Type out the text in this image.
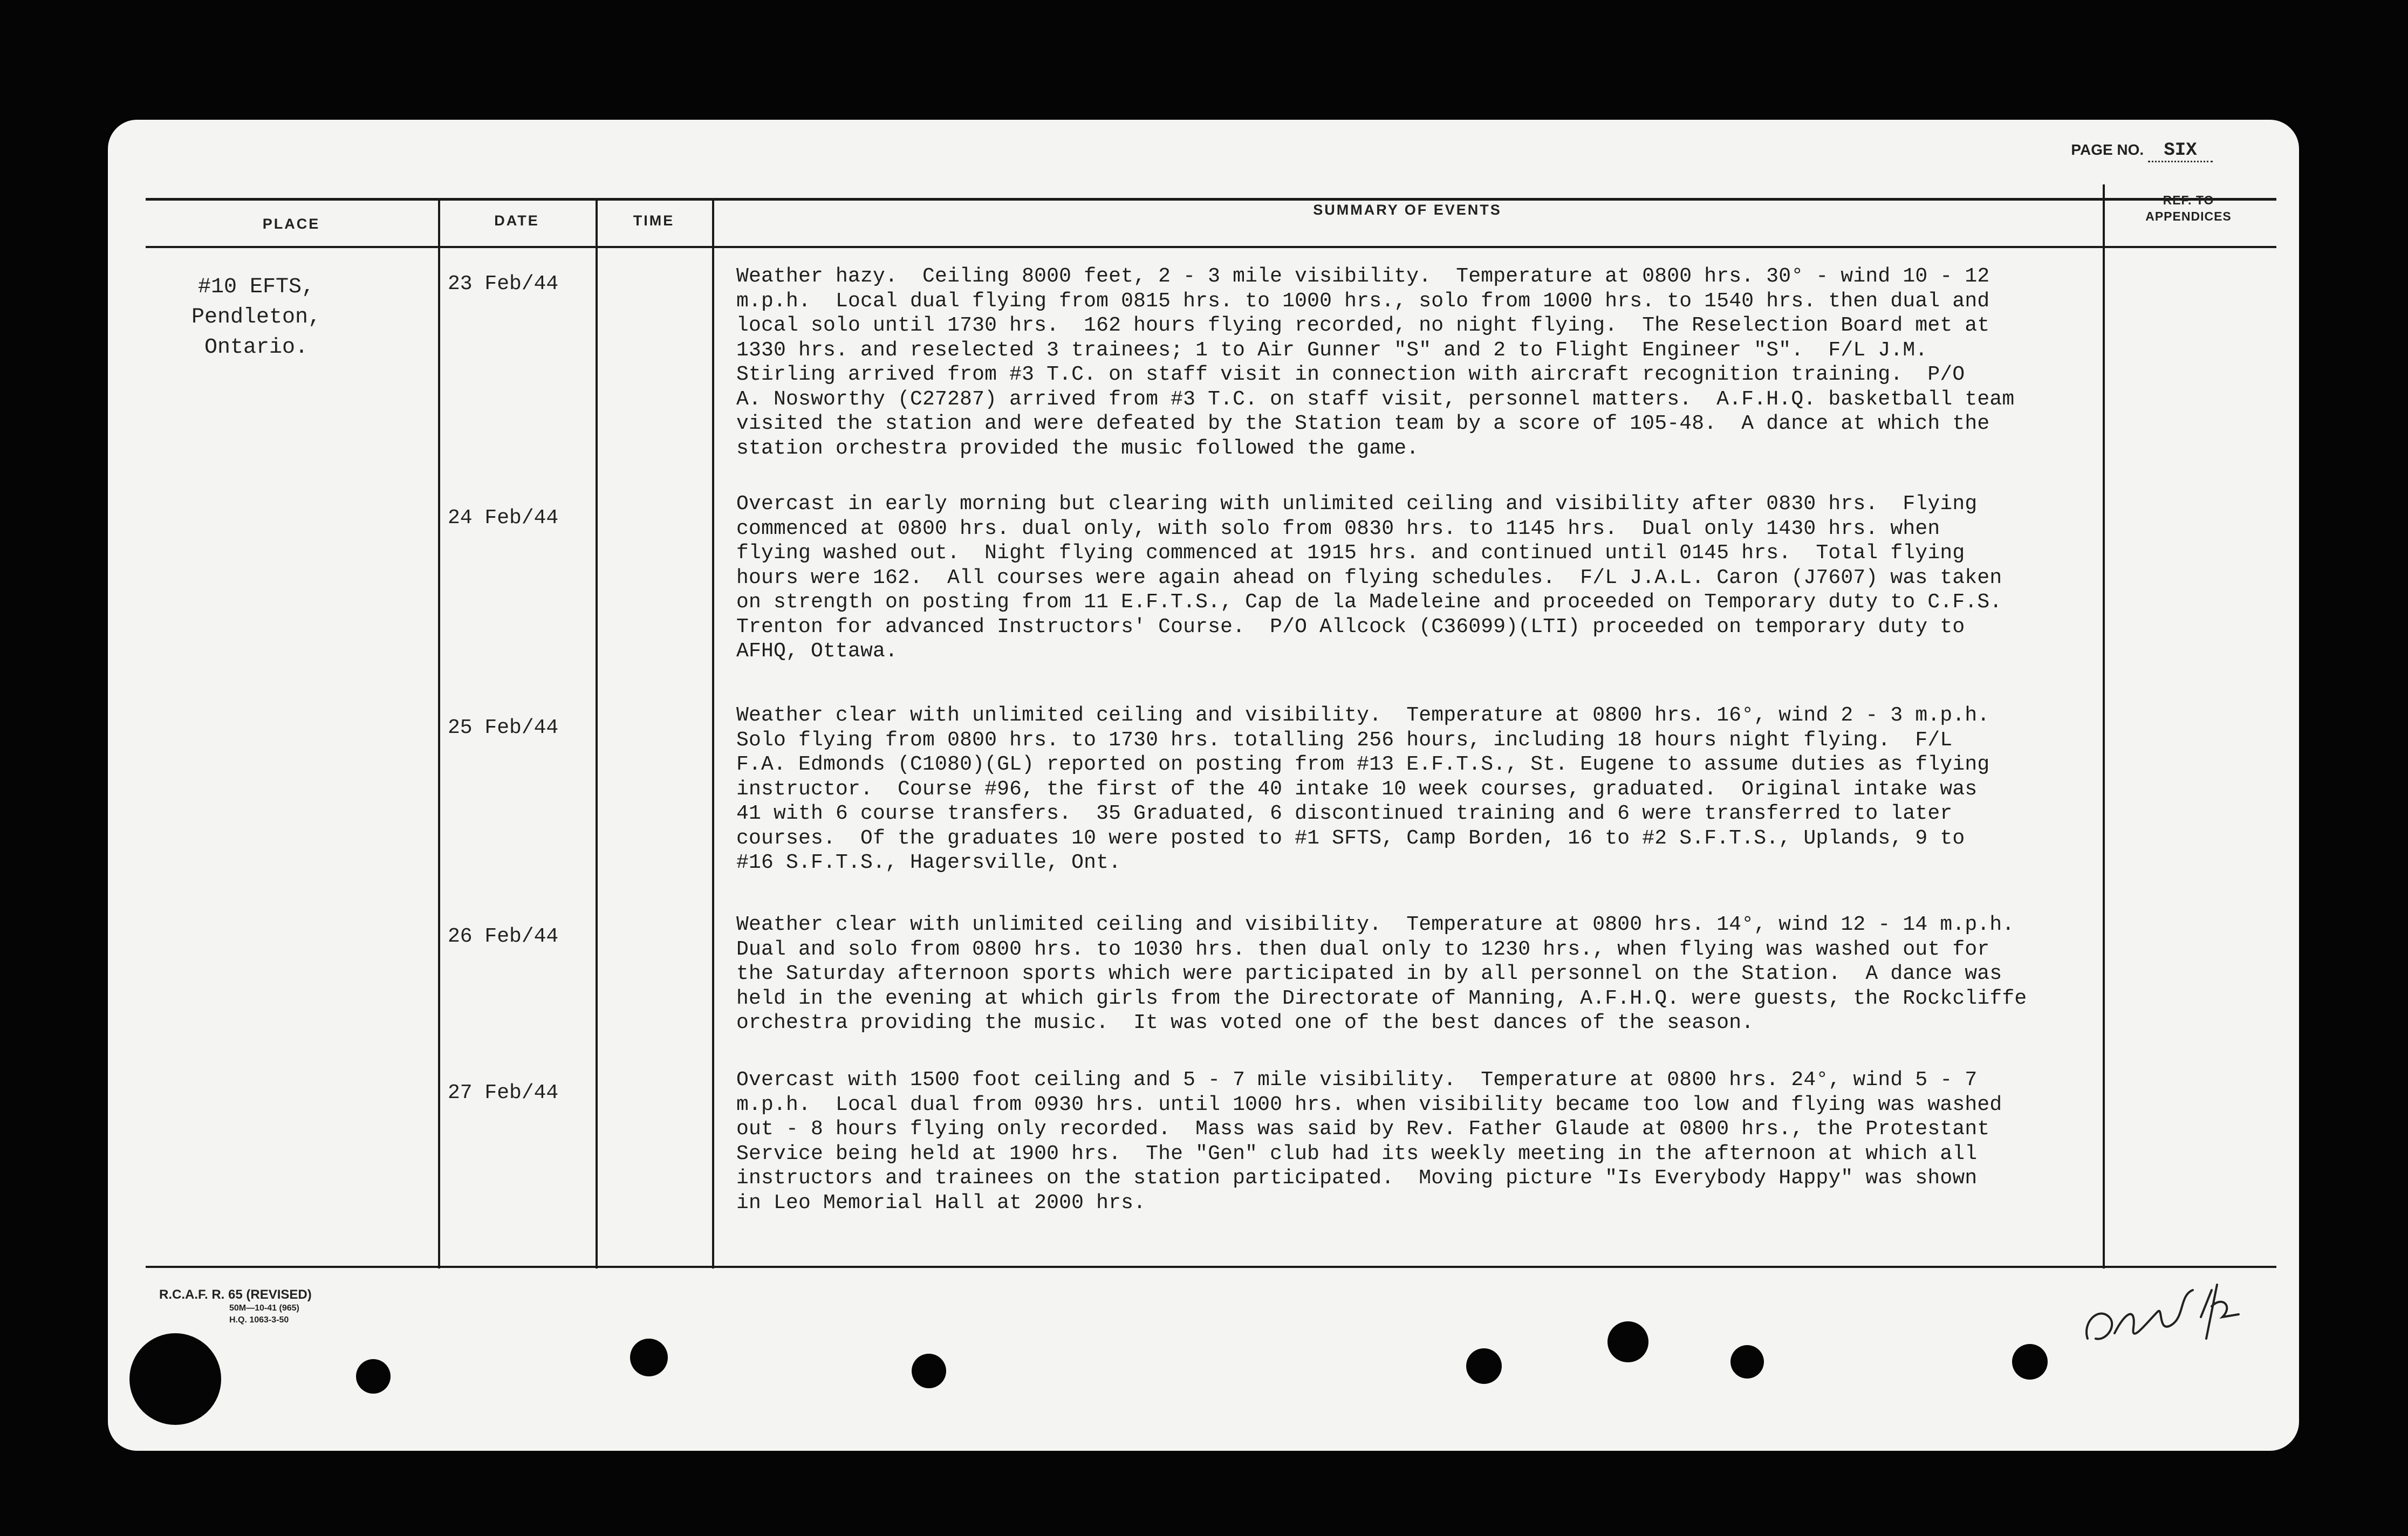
PAGE NO. SIX
PLACE	DATE	TIME
SUMMARY OF EVENTS
REF. TO
APPENDICES
#10 EFTS, Pendleton,
Ontario.
23 Feb/44
24 Feb/44
25 Feb/44
26 Feb/44
27 Feb/44
Weather hazy.  Ceiling 8000 feet, 2 - 3 mile visibility.  Temperature at 0800 hrs. 30° - wind 10 - 12
m.p.h.  Local dual flying from 0815 hrs. to 1000 hrs., solo from 1000 hrs. to 1540 hrs. then dual and
local solo until 1730 hrs.  162 hours flying recorded, no night flying.  The Reselection Board met at
1330 hrs. and reselected 3 trainees; 1 to Air Gunner "S" and 2 to Flight Engineer "S".  F/L J.M.
Stirling arrived from #3 T.C. on staff visit in connection with aircraft recognition training.  P/O
A. Nosworthy (C27287) arrived from #3 T.C. on staff visit, personnel matters.  A.F.H.Q. basketball team
visited the station and were defeated by the Station team by a score of 105-48.  A dance at which the
station orchestra provided the music followed the game.
Overcast in early morning but clearing with unlimited ceiling and visibility after 0830 hrs.  Flying
commenced at 0800 hrs. dual only, with solo from 0830 hrs. to 1145 hrs.  Dual only 1430 hrs. when
flying washed out.  Night flying commenced at 1915 hrs. and continued until 0145 hrs.  Total flying
hours were 162.  All courses were again ahead on flying schedules.  F/L J.A.L. Caron (J7607) was taken
on strength on posting from 11 E.F.T.S., Cap de la Madeleine and proceeded on Temporary duty to C.F.S.
Trenton for advanced Instructors' Course.  P/O Allcock (C36099)(LTI) proceeded on temporary duty to
AFHQ, Ottawa.
Weather clear with unlimited ceiling and visibility.  Temperature at 0800 hrs. 16°, wind 2 - 3 m.p.h.
Solo flying from 0800 hrs. to 1730 hrs. totalling 256 hours, including 18 hours night flying.  F/L
F.A. Edmonds (C1080)(GL) reported on posting from #13 E.F.T.S., St. Eugene to assume duties as flying
instructor.  Course #96, the first of the 40 intake 10 week courses, graduated.  Original intake was
41 with 6 course transfers.  35 Graduated, 6 discontinued training and 6 were transferred to later
courses.  Of the graduates 10 were posted to #1 SFTS, Camp Borden, 16 to #2 S.F.T.S., Uplands, 9 to
#16 S.F.T.S., Hagersville, Ont.
Weather clear with unlimited ceiling and visibility.  Temperature at 0800 hrs. 14°, wind 12 - 14 m.p.h.
Dual and solo from 0800 hrs. to 1030 hrs. then dual only to 1230 hrs., when flying was washed out for
the Saturday afternoon sports which were participated in by all personnel on the Station.  A dance was
held in the evening at which girls from the Directorate of Manning, A.F.H.Q. were guests, the Rockcliffe
orchestra providing the music.  It was voted one of the best dances of the season.
Overcast with 1500 foot ceiling and 5 - 7 mile visibility.  Temperature at 0800 hrs. 24°, wind 5 - 7
m.p.h.  Local dual from 0930 hrs. until 1000 hrs. when visibility became too low and flying was washed
out - 8 hours flying only recorded.  Mass was said by Rev. Father Glaude at 0800 hrs., the Protestant
Service being held at 1900 hrs.  The "Gen" club had its weekly meeting in the afternoon at which all
instructors and trainees on the station participated.  Moving picture "Is Everybody Happy" was shown
in Leo Memorial Hall at 2000 hrs.
R.C.A.F. R. 65 (REVISED)
50M—10-41 (965)
H.Q. 1063-3-50
